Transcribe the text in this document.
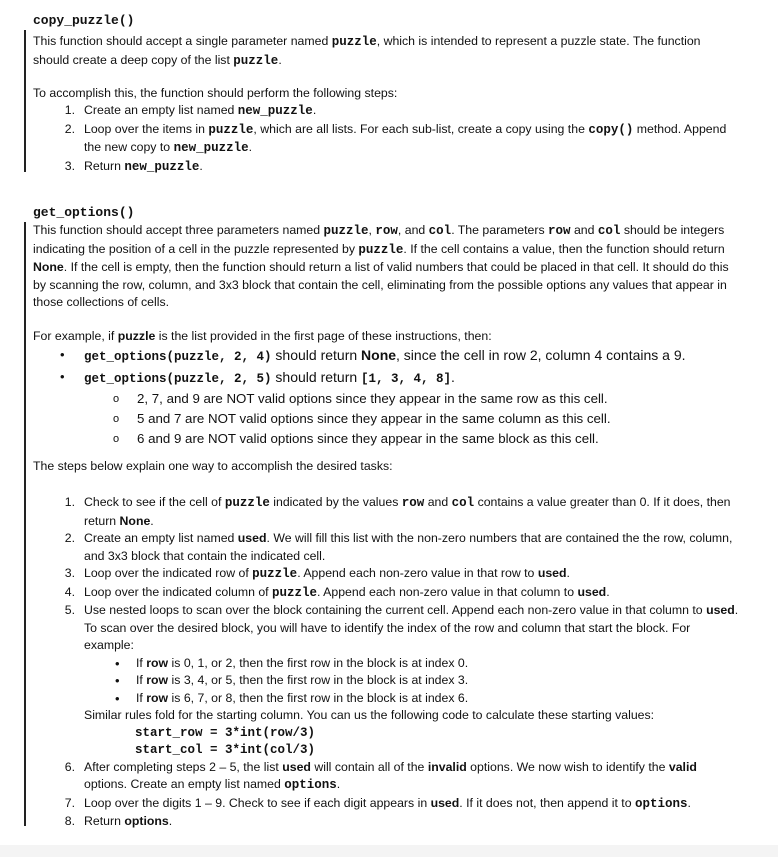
copy_puzzle()
This function should accept a single parameter named puzzle, which is intended to represent a puzzle state. The function should create a deep copy of the list puzzle.
To accomplish this, the function should perform the following steps:
1. Create an empty list named new_puzzle.
2. Loop over the items in puzzle, which are all lists. For each sub-list, create a copy using the copy() method. Append the new copy to new_puzzle.
3. Return new_puzzle.
get_options()
This function should accept three parameters named puzzle, row, and col. The parameters row and col should be integers indicating the position of a cell in the puzzle represented by puzzle. If the cell contains a value, then the function should return None. If the cell is empty, then the function should return a list of valid numbers that could be placed in that cell. It should do this by scanning the row, column, and 3x3 block that contain the cell, eliminating from the possible options any values that appear in those collections of cells.
For example, if puzzle is the list provided in the first page of these instructions, then:
• get_options(puzzle, 2, 4) should return None, since the cell in row 2, column 4 contains a 9.
• get_options(puzzle, 2, 5) should return [1, 3, 4, 8].
o 2, 7, and 9 are NOT valid options since they appear in the same row as this cell.
o 5 and 7 are NOT valid options since they appear in the same column as this cell.
o 6 and 9 are NOT valid options since they appear in the same block as this cell.
The steps below explain one way to accomplish the desired tasks:
1. Check to see if the cell of puzzle indicated by the values row and col contains a value greater than 0. If it does, then return None.
2. Create an empty list named used. We will fill this list with the non-zero numbers that are contained the the row, column, and 3x3 block that contain the indicated cell.
3. Loop over the indicated row of puzzle. Append each non-zero value in that row to used.
4. Loop over the indicated column of puzzle. Append each non-zero value in that column to used.
5. Use nested loops to scan over the block containing the current cell. Append each non-zero value in that column to used. To scan over the desired block, you will have to identify the index of the row and column that start the block. For example:
• If row is 0, 1, or 2, then the first row in the block is at index 0.
• If row is 3, 4, or 5, then the first row in the block is at index 3.
• If row is 6, 7, or 8, then the first row in the block is at index 6.
Similar rules fold for the starting column. You can us the following code to calculate these starting values:
start_row = 3*int(row/3)
start_col = 3*int(col/3)
6. After completing steps 2 – 5, the list used will contain all of the invalid options. We now wish to identify the valid options. Create an empty list named options.
7. Loop over the digits 1 – 9. Check to see if each digit appears in used. If it does not, then append it to options.
8. Return options.
